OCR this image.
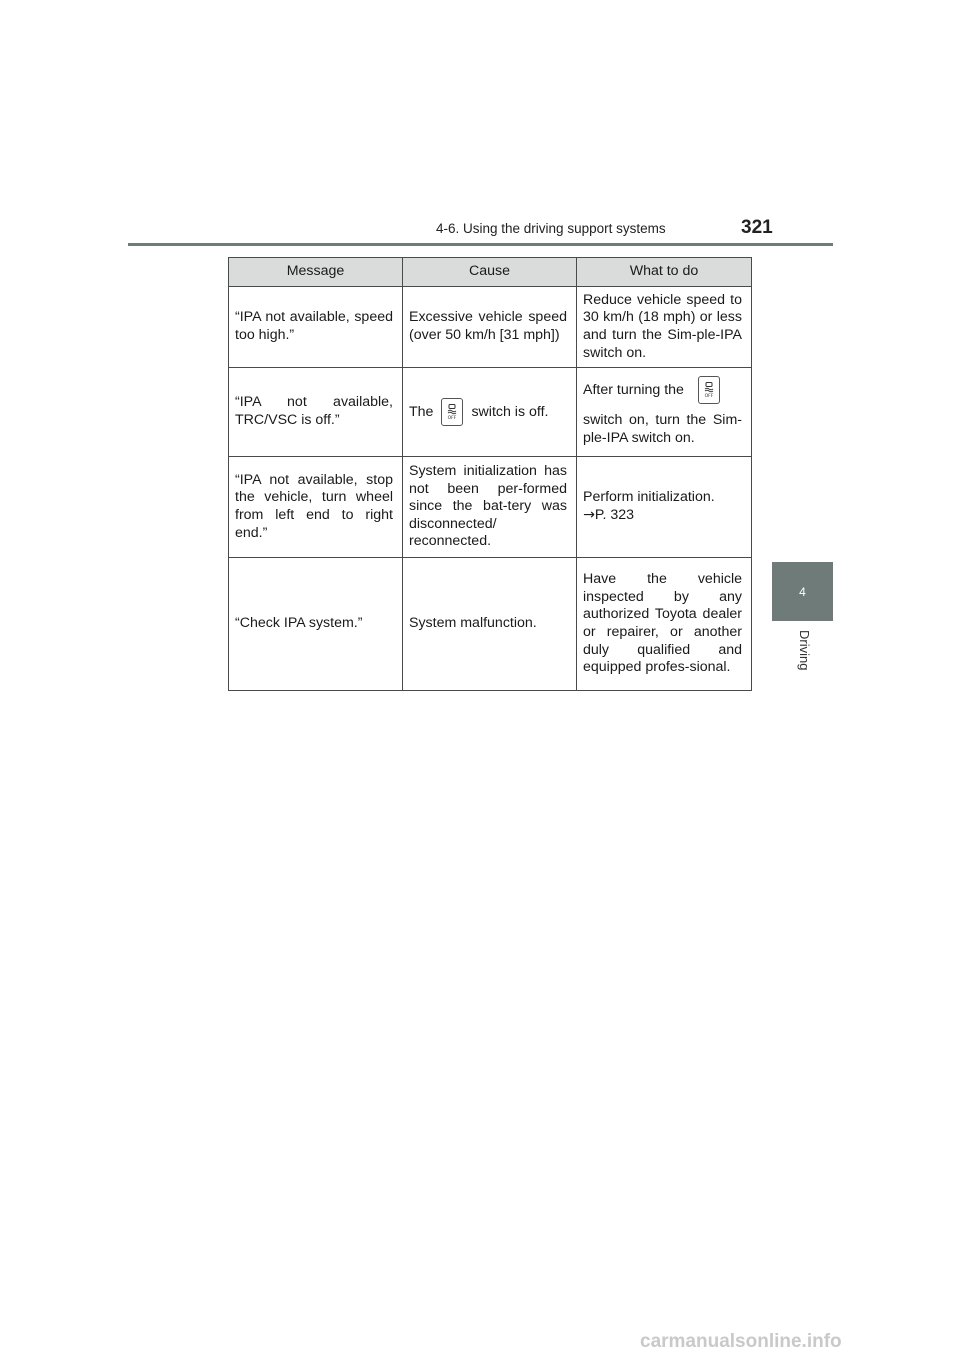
4-6. Using the driving support systems	321
4
Driving
Message	Cause	What to do
“IPA not available, speed too high.”	Excessive vehicle speed (over 50 km/h [31 mph])	Reduce vehicle speed to 30 km/h (18 mph) or less and turn the Sim-ple-IPA switch on.
“IPA not available, TRC/VSC is off.”	The OFF switch is off.	After turning the OFF
switch on, turn the Sim-ple-IPA switch on.

“IPA not available, stop the vehicle, turn wheel from left end to right end.”	System initialization has not been per-formed since the bat-tery was disconnected/ reconnected.	Perform initialization.
→P. 323
“Check IPA system.”	System malfunction.	Have the vehicle inspected by any authorized Toyota dealer or repairer, or another duly qualified and equipped profes-sional.
carmanualsonline.info
